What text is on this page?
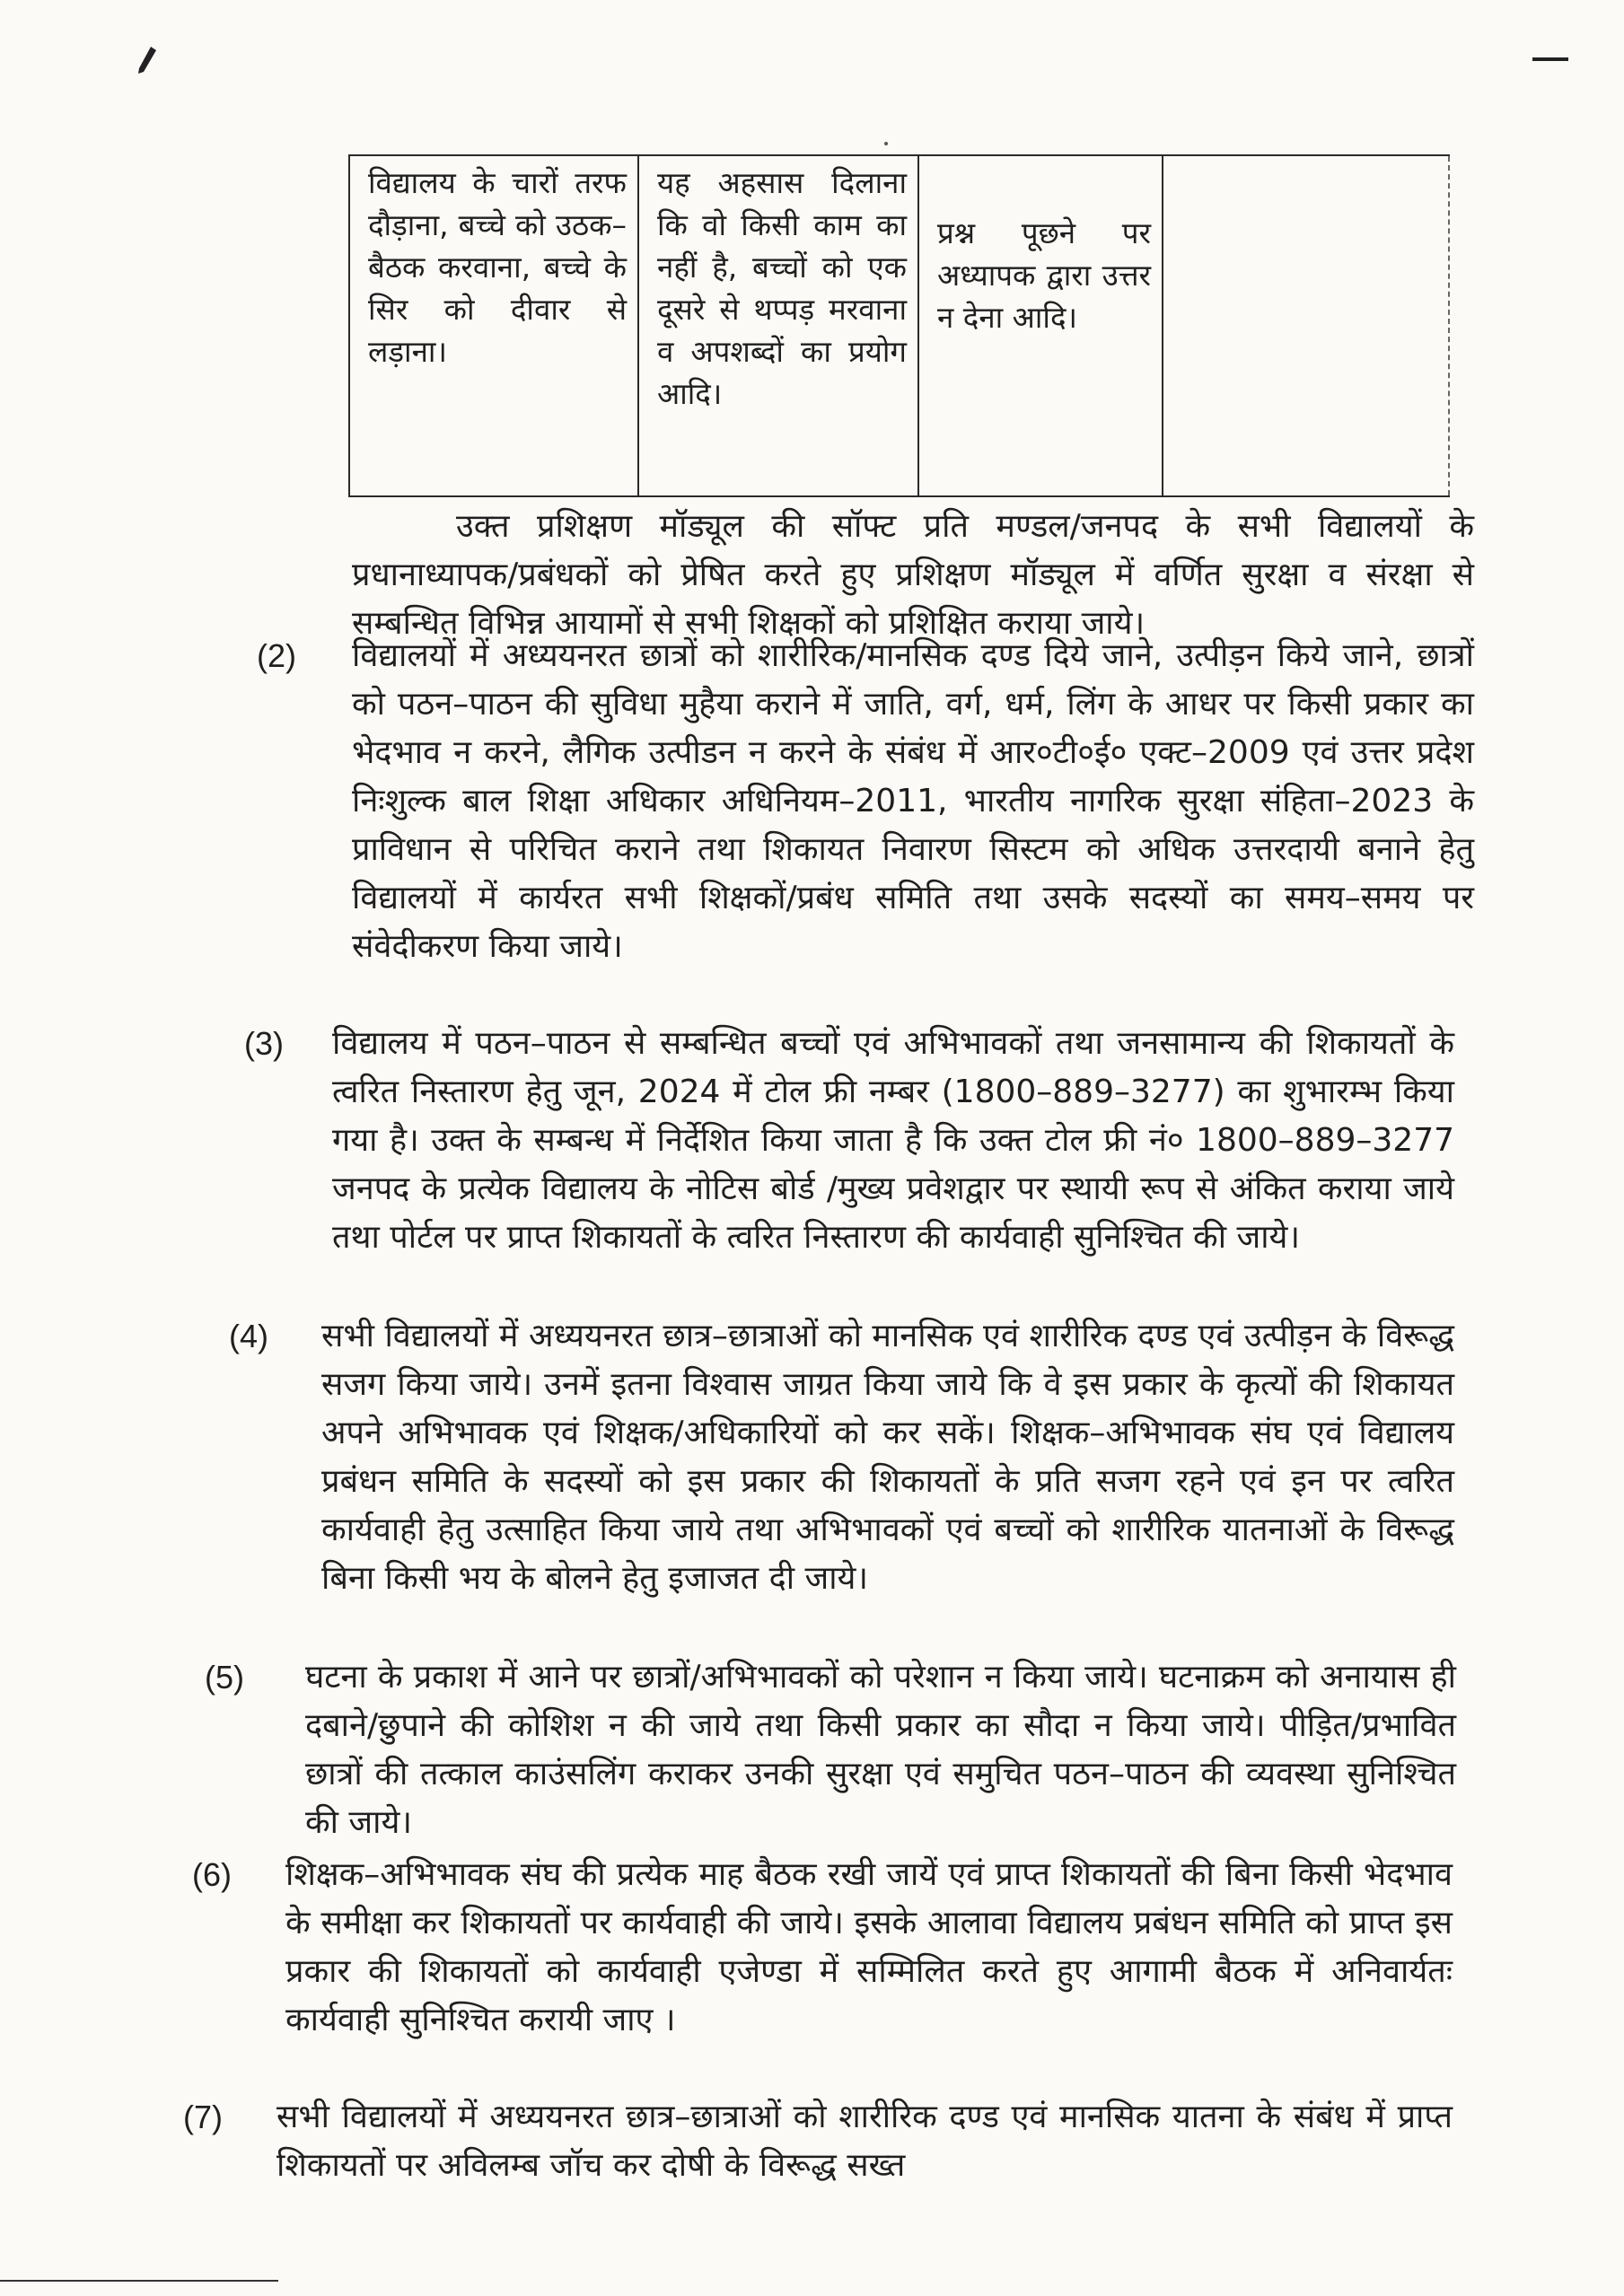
विद्यालय के चारों तरफ दौड़ाना, बच्चे को उठक– बैठक करवाना, बच्चे के सिर को दीवार से लड़ाना।	यह अहसास दिलाना कि वो किसी काम का नहीं है, बच्चों को एक दूसरे से थप्पड़ मरवाना व अपशब्दों का प्रयोग आदि।	प्रश्न पूछने पर अध्यापक द्वारा उत्तर न देना आदि।	
उक्त प्रशिक्षण मॉड्यूल की सॉफ्ट प्रति मण्डल/जनपद के सभी विद्यालयों के प्रधानाध्यापक/प्रबंधकों को प्रेषित करते हुए प्रशिक्षण मॉड्यूल में वर्णित सुरक्षा व संरक्षा से सम्बन्धित विभिन्न आयामों से सभी शिक्षकों को प्रशिक्षित कराया जाये।
(2) विद्यालयों में अध्ययनरत छात्रों को शारीरिक/मानसिक दण्ड दिये जाने, उत्पीड़न किये जाने, छात्रों को पठन–पाठन की सुविधा मुहैया कराने में जाति, वर्ग, धर्म, लिंग के आधर पर किसी प्रकार का भेदभाव न करने, लैगिक उत्पीडन न करने के संबंध में आर०टी०ई० एक्ट–2009 एवं उत्तर प्रदेश निःशुल्क बाल शिक्षा अधिकार अधिनियम–2011, भारतीय नागरिक सुरक्षा संहिता–2023 के प्राविधान से परिचित कराने तथा शिकायत निवारण सिस्टम को अधिक उत्तरदायी बनाने हेतु विद्यालयों में कार्यरत सभी शिक्षकों/प्रबंध समिति तथा उसके सदस्यों का समय–समय पर संवेदीकरण किया जाये।
(3) विद्यालय में पठन–पाठन से सम्बन्धित बच्चों एवं अभिभावकों तथा जनसामान्य की शिकायतों के त्वरित निस्तारण हेतु जून, 2024 में टोल फ्री नम्बर (1800–889–3277) का शुभारम्भ किया गया है। उक्त के सम्बन्ध में निर्देशित किया जाता है कि उक्त टोल फ्री नं० 1800–889–3277 जनपद के प्रत्येक विद्यालय के नोटिस बोर्ड /मुख्य प्रवेशद्वार पर स्थायी रूप से अंकित कराया जाये तथा पोर्टल पर प्राप्त शिकायतों के त्वरित निस्तारण की कार्यवाही सुनिश्चित की जाये।
(4) सभी विद्यालयों में अध्ययनरत छात्र–छात्राओं को मानसिक एवं शारीरिक दण्ड एवं उत्पीड़न के विरूद्ध सजग किया जाये। उनमें इतना विश्वास जाग्रत किया जाये कि वे इस प्रकार के कृत्यों की शिकायत अपने अभिभावक एवं शिक्षक/अधिकारियों को कर सकें। शिक्षक–अभिभावक संघ एवं विद्यालय प्रबंधन समिति के सदस्यों को इस प्रकार की शिकायतों के प्रति सजग रहने एवं इन पर त्वरित कार्यवाही हेतु उत्साहित किया जाये तथा अभिभावकों एवं बच्चों को शारीरिक यातनाओं के विरूद्ध बिना किसी भय के बोलने हेतु इजाजत दी जाये।
(5) घटना के प्रकाश में आने पर छात्रों/अभिभावकों को परेशान न किया जाये। घटनाक्रम को अनायास ही दबाने/छुपाने की कोशिश न की जाये तथा किसी प्रकार का सौदा न किया जाये। पीड़ित/प्रभावित छात्रों की तत्काल काउंसलिंग कराकर उनकी सुरक्षा एवं समुचित पठन–पाठन की व्यवस्था सुनिश्चित की जाये।
(6) शिक्षक–अभिभावक संघ की प्रत्येक माह बैठक रखी जायें एवं प्राप्त शिकायतों की बिना किसी भेदभाव के समीक्षा कर शिकायतों पर कार्यवाही की जाये। इसके आलावा विद्यालय प्रबंधन समिति को प्राप्त इस प्रकार की शिकायतों को कार्यवाही एजेण्डा में सम्मिलित करते हुए आगामी बैठक में अनिवार्यतः कार्यवाही सुनिश्चित करायी जाए ।
(7) सभी विद्यालयों में अध्ययनरत छात्र–छात्राओं को शारीरिक दण्ड एवं मानसिक यातना के संबंध में प्राप्त शिकायतों पर अविलम्ब जॉच कर दोषी के विरूद्ध सख्त
